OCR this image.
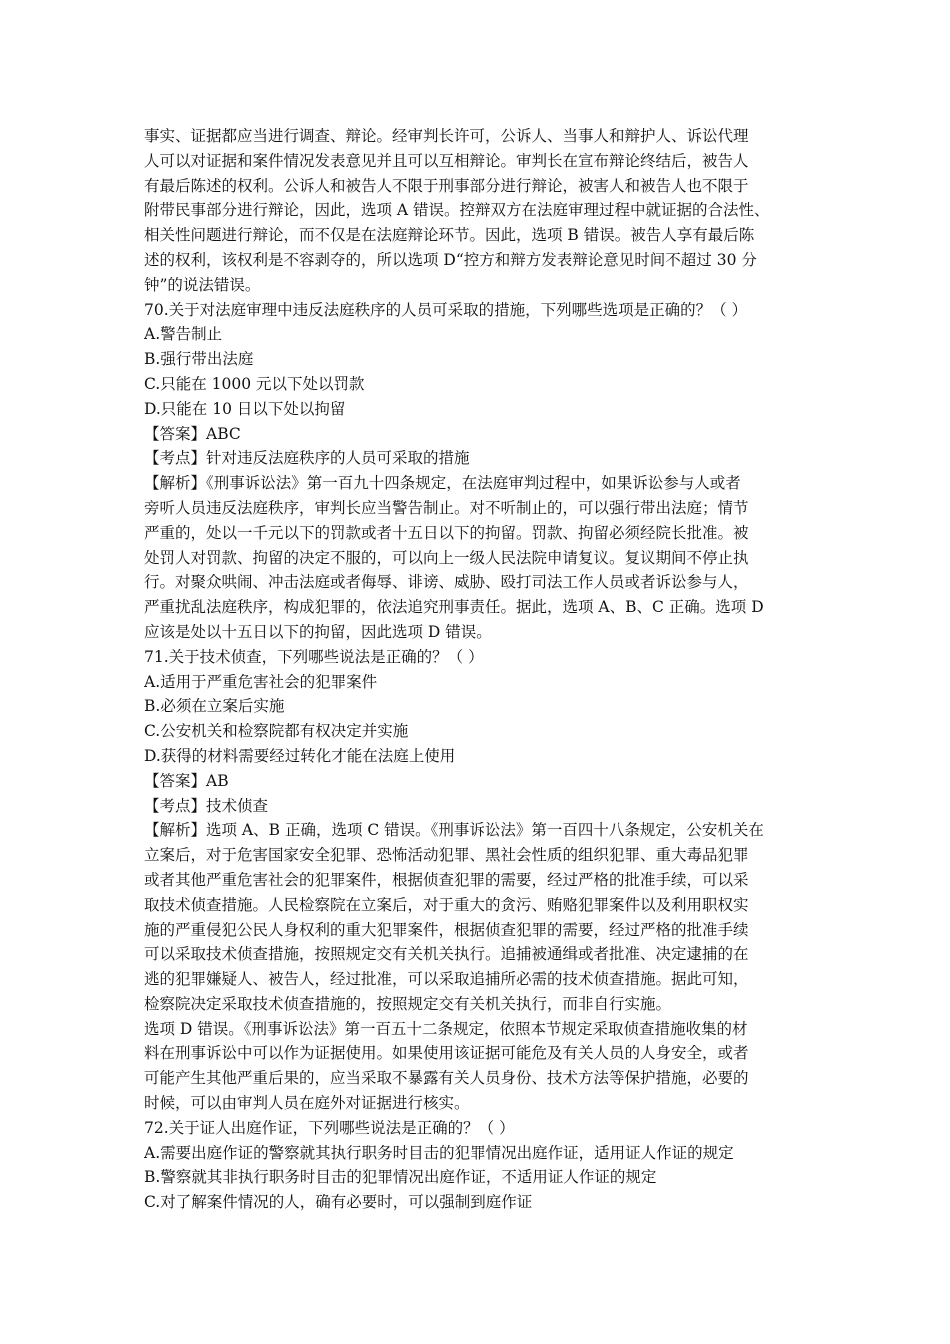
事实、证据都应当进行调查、辩论。经审判长许可，公诉人、当事人和辩护人、诉讼代理
人可以对证据和案件情况发表意见并且可以互相辩论。审判长在宣布辩论终结后，被告人
有最后陈述的权利。公诉人和被告人不限于刑事部分进行辩论，被害人和被告人也不限于
附带民事部分进行辩论，因此，选项 A 错误。控辩双方在法庭审理过程中就证据的合法性、
相关性问题进行辩论，而不仅是在法庭辩论环节。因此，选项 B 错误。被告人享有最后陈
述的权利，该权利是不容剥夺的，所以选项 D“控方和辩方发表辩论意见时间不超过 30 分
钟”的说法错误。
70.关于对法庭审理中违反法庭秩序的人员可采取的措施，下列哪些选项是正确的？（ ）
A.警告制止
B.强行带出法庭
C.只能在 1000 元以下处以罚款
D.只能在 10 日以下处以拘留
【答案】ABC
【考点】针对违反法庭秩序的人员可采取的措施
【解析】《刑事诉讼法》第一百九十四条规定，在法庭审判过程中，如果诉讼参与人或者
旁听人员违反法庭秩序，审判长应当警告制止。对不听制止的，可以强行带出法庭；情节
严重的，处以一千元以下的罚款或者十五日以下的拘留。罚款、拘留必须经院长批准。被
处罚人对罚款、拘留的决定不服的，可以向上一级人民法院申请复议。复议期间不停止执
行。对聚众哄闹、冲击法庭或者侮辱、诽谤、威胁、殴打司法工作人员或者诉讼参与人，
严重扰乱法庭秩序，构成犯罪的，依法追究刑事责任。据此，选项 A、B、C 正确。选项 D
应该是处以十五日以下的拘留，因此选项 D 错误。
71.关于技术侦查，下列哪些说法是正确的？（ ）
A.适用于严重危害社会的犯罪案件
B.必须在立案后实施
C.公安机关和检察院都有权决定并实施
D.获得的材料需要经过转化才能在法庭上使用
【答案】AB
【考点】技术侦查
【解析】选项 A、B 正确，选项 C 错误。《刑事诉讼法》第一百四十八条规定，公安机关在
立案后，对于危害国家安全犯罪、恐怖活动犯罪、黑社会性质的组织犯罪、重大毒品犯罪
或者其他严重危害社会的犯罪案件，根据侦查犯罪的需要，经过严格的批准手续，可以采
取技术侦查措施。人民检察院在立案后，对于重大的贪污、贿赂犯罪案件以及利用职权实
施的严重侵犯公民人身权利的重大犯罪案件，根据侦查犯罪的需要，经过严格的批准手续
可以采取技术侦查措施，按照规定交有关机关执行。追捕被通缉或者批准、决定逮捕的在
逃的犯罪嫌疑人、被告人，经过批准，可以采取追捕所必需的技术侦查措施。据此可知，
检察院决定采取技术侦查措施的，按照规定交有关机关执行，而非自行实施。
选项 D 错误。《刑事诉讼法》第一百五十二条规定，依照本节规定采取侦查措施收集的材
料在刑事诉讼中可以作为证据使用。如果使用该证据可能危及有关人员的人身安全，或者
可能产生其他严重后果的，应当采取不暴露有关人员身份、技术方法等保护措施，必要的
时候，可以由审判人员在庭外对证据进行核实。
72.关于证人出庭作证，下列哪些说法是正确的？（ ）
A.需要出庭作证的警察就其执行职务时目击的犯罪情况出庭作证，适用证人作证的规定
B.警察就其非执行职务时目击的犯罪情况出庭作证，不适用证人作证的规定
C.对了解案件情况的人，确有必要时，可以强制到庭作证
